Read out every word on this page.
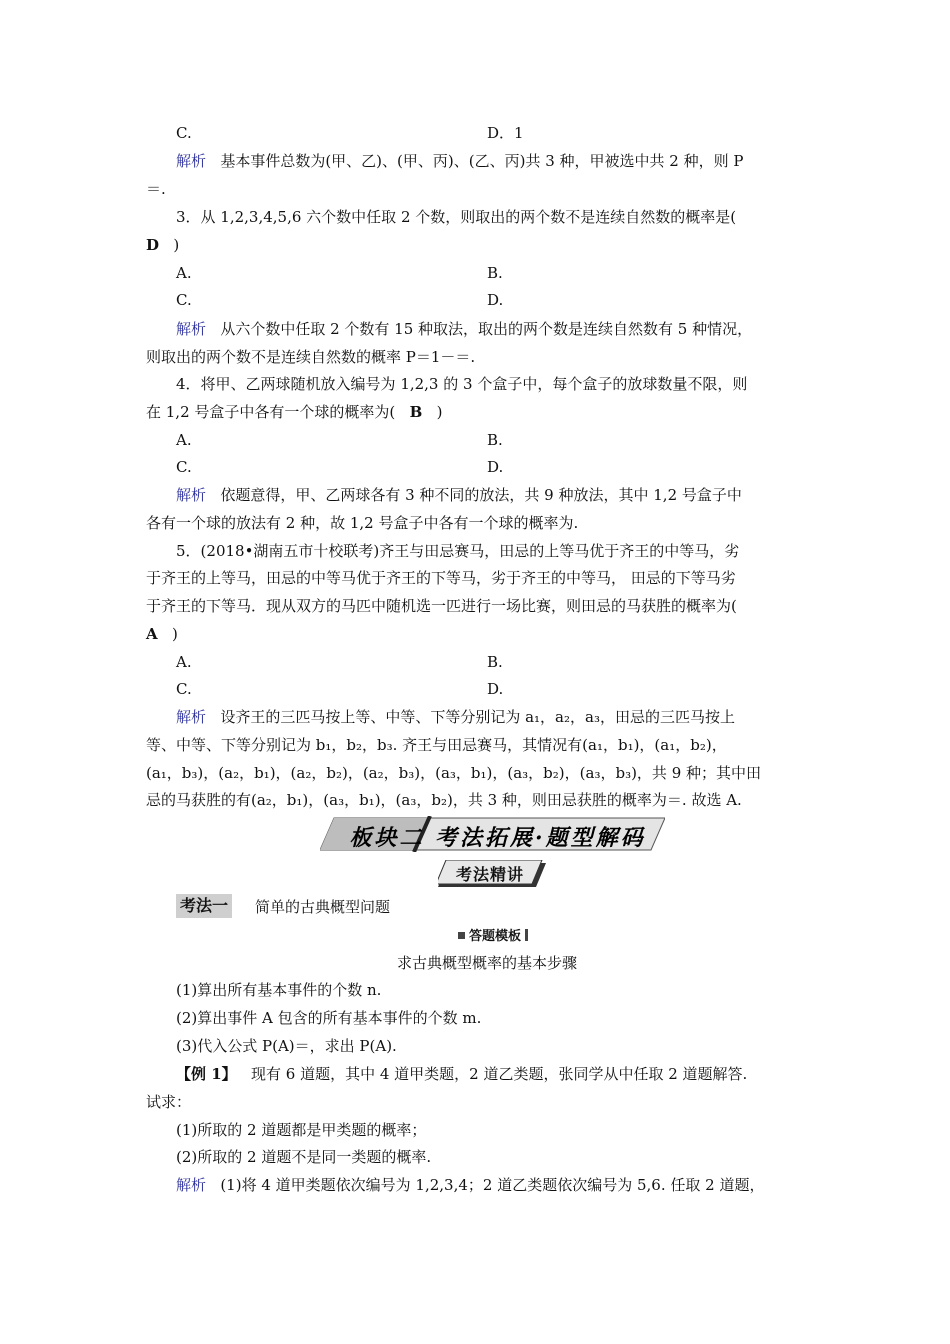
C.	D．1
解析 基本事件总数为(甲、乙)、(甲、丙)、(乙、丙)共 3 种，甲被选中共 2 种，则 P
＝.
3．从 1,2,3,4,5,6 六个数中任取 2 个数，则取出的两个数不是连续自然数的概率是(
D )
A.	B.
C.	D.
解析 从六个数中任取 2 个数有 15 种取法，取出的两个数是连续自然数有 5 种情况，
则取出的两个数不是连续自然数的概率 P＝1－＝.
4．将甲、乙两球随机放入编号为 1,2,3 的 3 个盒子中，每个盒子的放球数量不限，则
在 1,2 号盒子中各有一个球的概率为( B )
A.	B.
C.	D.
解析 依题意得，甲、乙两球各有 3 种不同的放法，共 9 种放法，其中 1,2 号盒子中
各有一个球的放法有 2 种，故 1,2 号盒子中各有一个球的概率为.
5．(2018•湖南五市十校联考)齐王与田忌赛马，田忌的上等马优于齐王的中等马，劣
于齐王的上等马，田忌的中等马优于齐王的下等马，劣于齐王的中等马， 田忌的下等马劣
于齐王的下等马．现从双方的马匹中随机选一匹进行一场比赛，则田忌的马获胜的概率为(
A )
A.	B.
C.	D.
解析 设齐王的三匹马按上等、中等、下等分别记为 a₁，a₂，a₃，田忌的三匹马按上
等、中等、下等分别记为 b₁，b₂，b₃. 齐王与田忌赛马，其情况有(a₁，b₁)，(a₁，b₂)，
(a₁，b₃)，(a₂，b₁)，(a₂，b₂)，(a₂，b₃)，(a₃，b₁)，(a₃，b₂)，(a₃，b₃)，共 9 种；其中田
忌的马获胜的有(a₂，b₁)，(a₃，b₁)，(a₃，b₂)，共 3 种，则田忌获胜的概率为＝. 故选 A.
板块二 考法拓展·题型解码
考法精讲
考法一 简单的古典概型问题
答题模板
求古典概型概率的基本步骤
(1)算出所有基本事件的个数 n.
(2)算出事件 A 包含的所有基本事件的个数 m.
(3)代入公式 P(A)＝，求出 P(A).
【例 1】 现有 6 道题，其中 4 道甲类题，2 道乙类题，张同学从中任取 2 道题解答.
试求：
(1)所取的 2 道题都是甲类题的概率；
(2)所取的 2 道题不是同一类题的概率.
解析 (1)将 4 道甲类题依次编号为 1,2,3,4；2 道乙类题依次编号为 5,6. 任取 2 道题，
